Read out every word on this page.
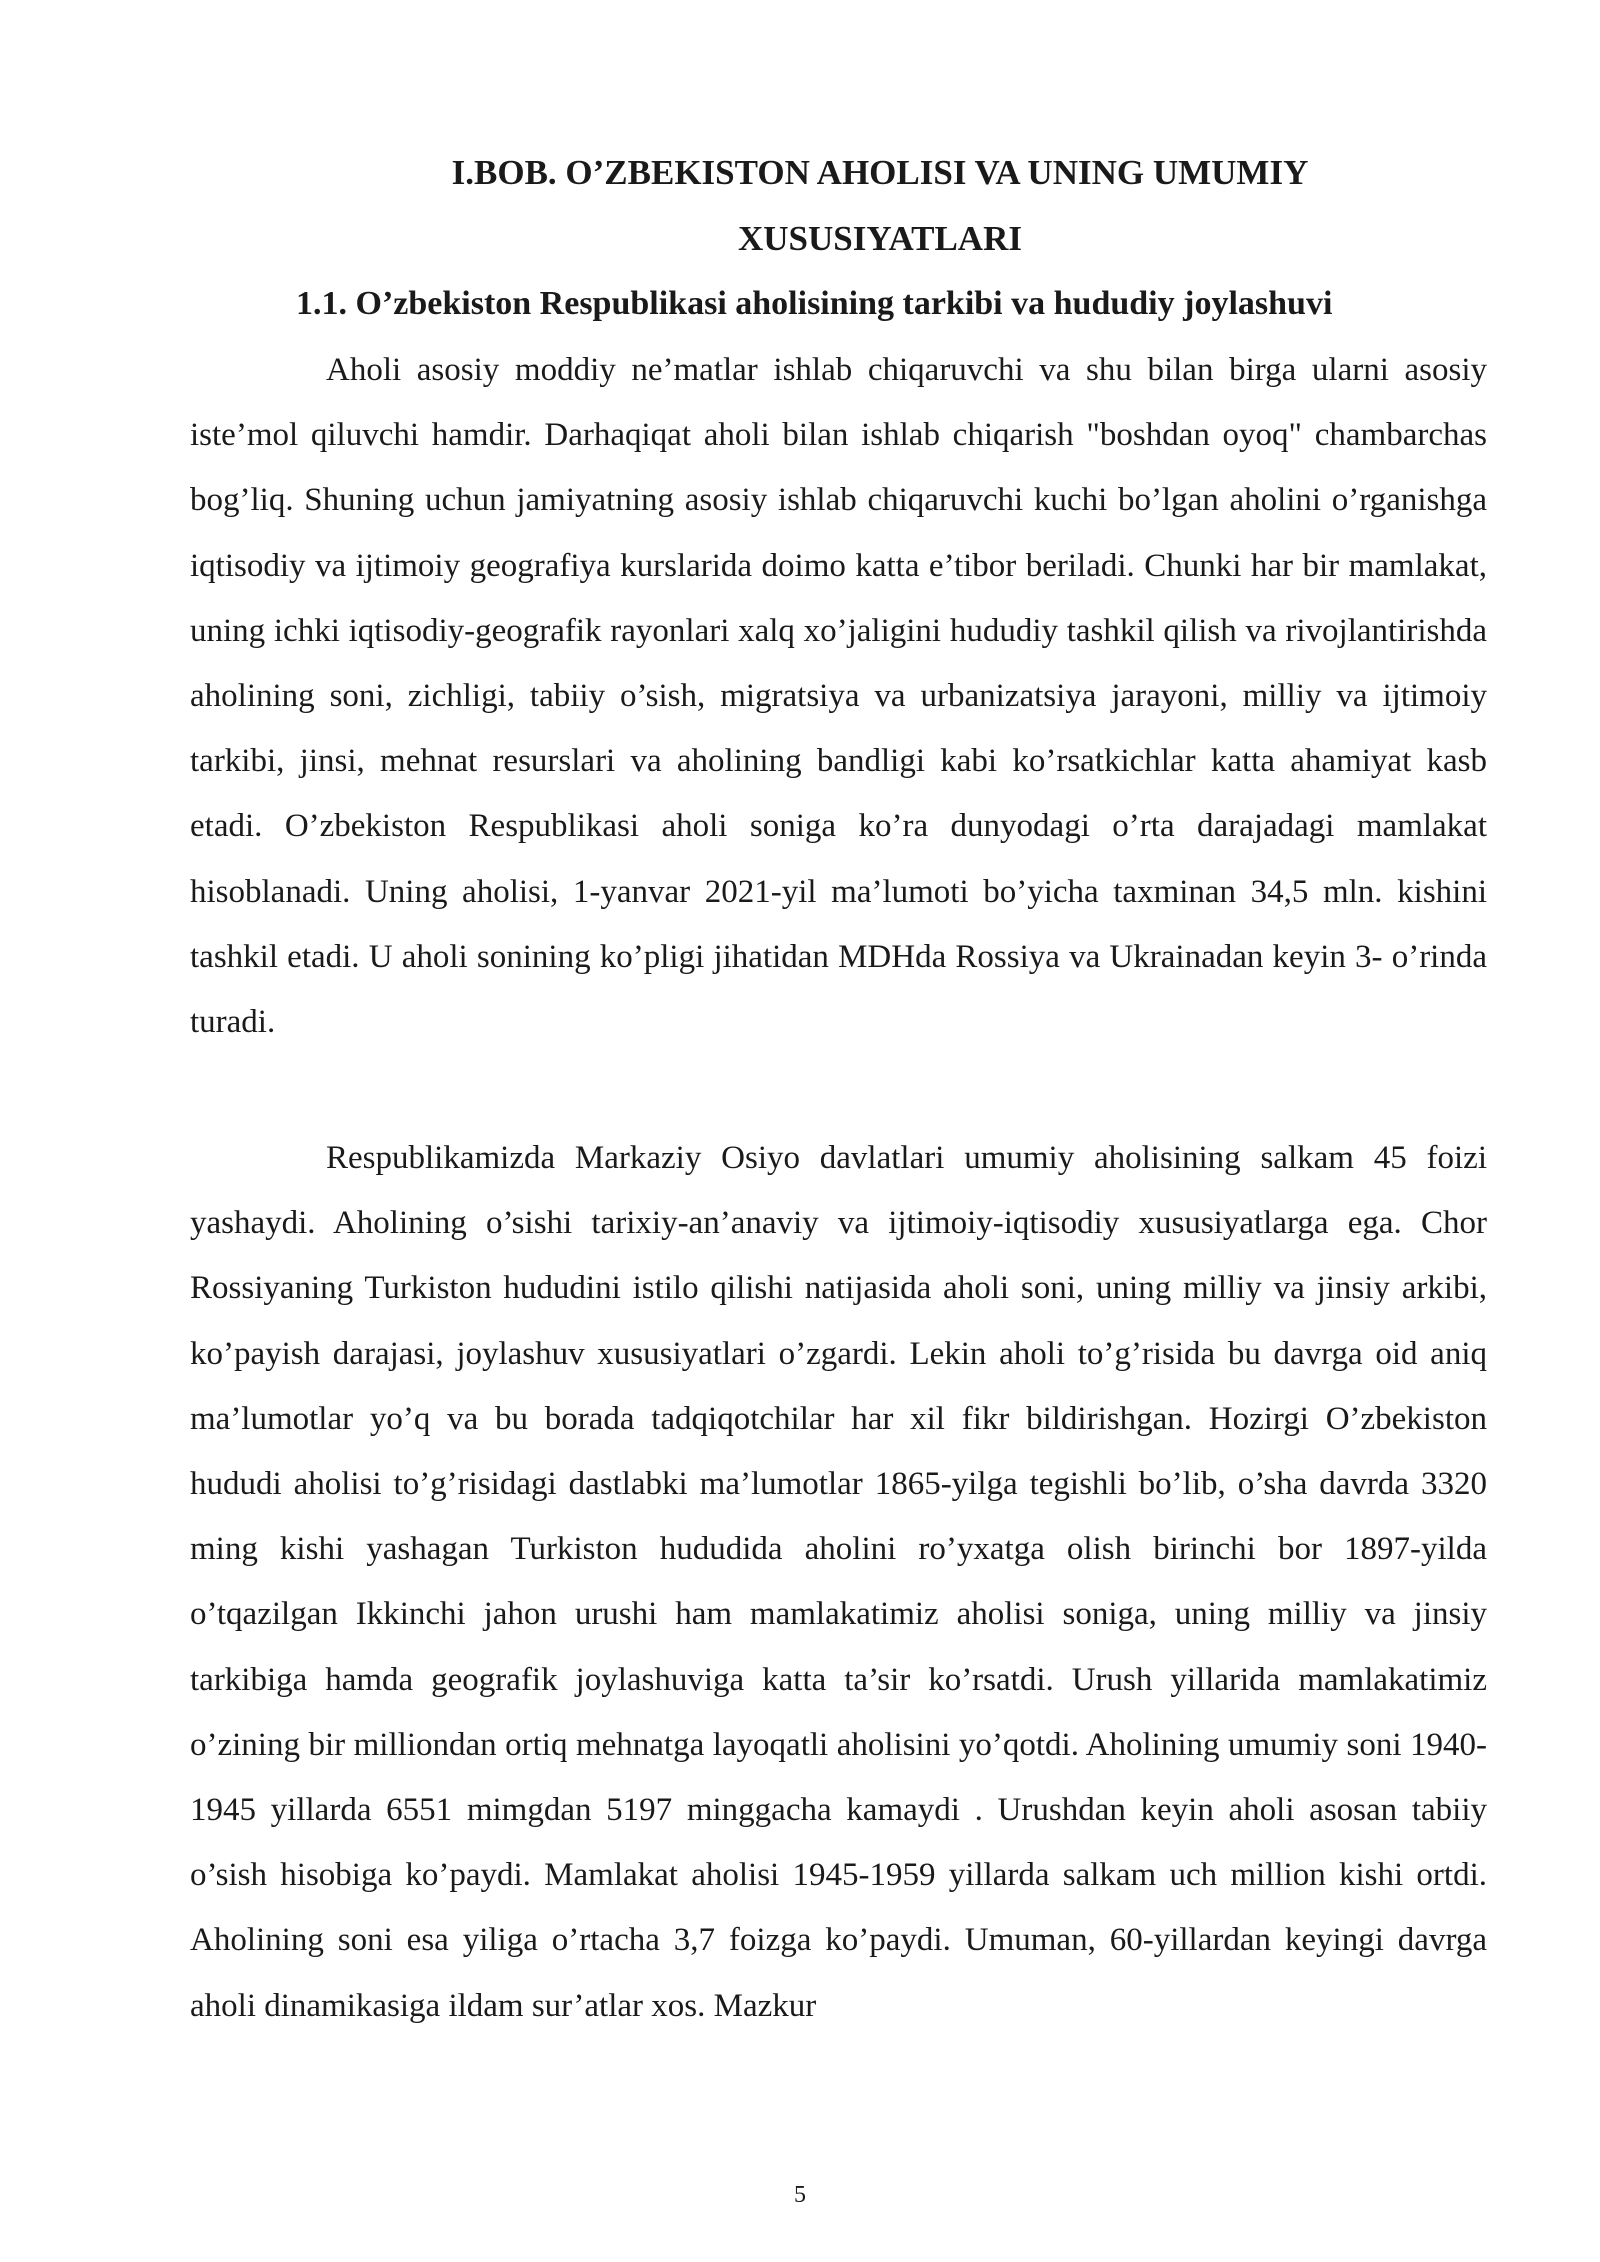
I.BOB. O’ZBEKISTON AHOLISI VA UNING UMUMIY
XUSUSIYATLARI
1.1. O’zbekiston Respublikasi aholisining tarkibi va hududiy joylashuvi

Aholi asosiy moddiy ne’matlar ishlab chiqaruvchi va shu bilan birga ularni asosiy iste’mol qiluvchi hamdir. Darhaqiqat aholi bilan ishlab chiqarish "boshdan oyoq" chambarchas bog’liq. Shuning uchun jamiyatning asosiy ishlab chiqaruvchi kuchi bo’lgan aholini o’rganishga iqtisodiy va ijtimoiy geografiya kurslarida doimo katta e’tibor beriladi. Chunki har bir mamlakat, uning ichki iqtisodiy-geografik rayonlari xalq xo’jaligini hududiy tashkil qilish va rivojlantirishda aholining soni, zichligi, tabiiy o’sish, migratsiya va urbanizatsiya jarayoni, milliy va ijtimoiy tarkibi, jinsi, mehnat resurslari va aholining bandligi kabi ko’rsatkichlar katta ahamiyat kasb etadi. O’zbekiston Respublikasi aholi soniga ko’ra dunyodagi o’rta darajadagi mamlakat hisoblanadi. Uning aholisi, 1-yanvar 2021-yil ma’lumoti bo’yicha taxminan 34,5 mln. kishini tashkil etadi. U aholi sonining ko’pligi jihatidan MDHda Rossiya va Ukrainadan keyin 3- o’rinda turadi.

Respublikamizda Markaziy Osiyo davlatlari umumiy aholisining salkam 45 foizi yashaydi. Aholining o’sishi tarixiy-an’anaviy va ijtimoiy-iqtisodiy xususiyatlarga ega. Chor Rossiyaning Turkiston hududini istilo qilishi natijasida aholi soni, uning milliy va jinsiy arkibi, ko’payish darajasi, joylashuv xususiyatlari o’zgardi. Lekin aholi to’g’risida bu davrga oid aniq ma’lumotlar yo’q va bu borada tadqiqotchilar har xil fikr bildirishgan. Hozirgi O’zbekiston hududi aholisi to’g’risidagi dastlabki ma’lumotlar 1865-yilga tegishli bo’lib, o’sha davrda 3320 ming kishi yashagan Turkiston hududida aholini ro’yxatga olish birinchi bor 1897-yilda o’tqazilgan Ikkinchi jahon urushi ham mamlakatimiz aholisi soniga, uning milliy va jinsiy tarkibiga hamda geografik joylashuviga katta ta’sir ko’rsatdi. Urush yillarida mamlakatimiz o’zining bir milliondan ortiq mehnatga layoqatli aholisini yo’qotdi. Aholining umumiy soni 1940-1945 yillarda 6551 mimgdan 5197 minggacha kamaydi . Urushdan keyin aholi asosan tabiiy o’sish hisobiga ko’paydi. Mamlakat aholisi 1945-1959 yillarda salkam uch million kishi ortdi. Aholining soni esa yiliga o’rtacha 3,7 foizga ko’paydi. Umuman, 60-yillardan keyingi davrga aholi dinamikasiga ildam sur’atlar xos. Mazkur

5
